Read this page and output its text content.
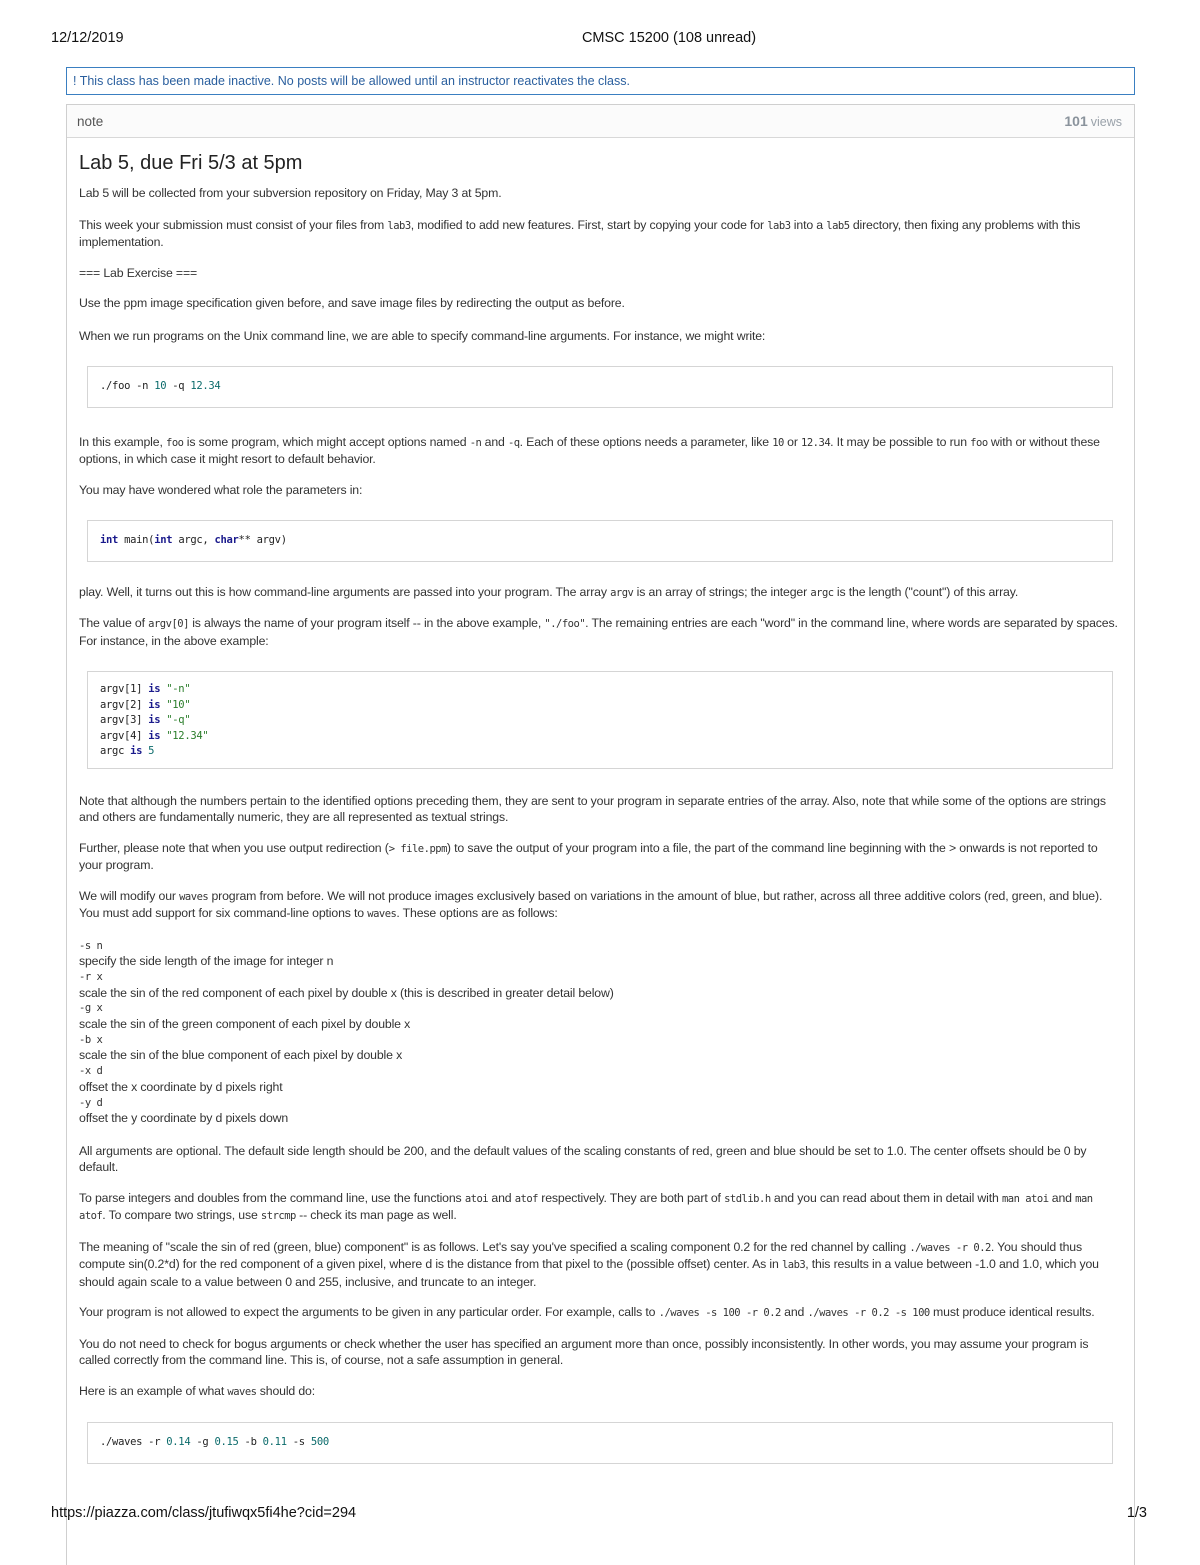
12/12/2019	CMSC 15200 (108 unread)
! This class has been made inactive. No posts will be allowed until an instructor reactivates the class.
note	101 views
Lab 5, due Fri 5/3 at 5pm

Lab 5 will be collected from your subversion repository on Friday, May 3 at 5pm.

This week your submission must consist of your files from lab3, modified to add new features. First, start by copying your code for lab3 into a lab5 directory, then fixing any problems with this implementation.

=== Lab Exercise ===

Use the ppm image specification given before, and save image files by redirecting the output as before.

When we run programs on the Unix command line, we are able to specify command-line arguments. For instance, we might write:

./foo -n 10 -q 12.34

In this example, foo is some program, which might accept options named -n and -q. Each of these options needs a parameter, like 10 or 12.34. It may be possible to run foo with or without these options, in which case it might resort to default behavior.

You may have wondered what role the parameters in:

int main(int argc, char** argv)

play. Well, it turns out this is how command-line arguments are passed into your program. The array argv is an array of strings; the integer argc is the length ("count") of this array.

The value of argv[0] is always the name of your program itself -- in the above example, "./foo". The remaining entries are each "word" in the command line, where words are separated by spaces. For instance, in the above example:

argv[1] is "-n"
argv[2] is "10"
argv[3] is "-q"
argv[4] is "12.34"
argc is 5

Note that although the numbers pertain to the identified options preceding them, they are sent to your program in separate entries of the array. Also, note that while some of the options are strings and others are fundamentally numeric, they are all represented as textual strings.

Further, please note that when you use output redirection (> file.ppm) to save the output of your program into a file, the part of the command line beginning with the > onwards is not reported to your program.

We will modify our waves program from before. We will not produce images exclusively based on variations in the amount of blue, but rather, across all three additive colors (red, green, and blue). You must add support for six command-line options to waves. These options are as follows:

-s n
specify the side length of the image for integer n
-r x
scale the sin of the red component of each pixel by double x (this is described in greater detail below)
-g x
scale the sin of the green component of each pixel by double x
-b x
scale the sin of the blue component of each pixel by double x
-x d
offset the x coordinate by d pixels right
-y d
offset the y coordinate by d pixels down

All arguments are optional. The default side length should be 200, and the default values of the scaling constants of red, green and blue should be set to 1.0. The center offsets should be 0 by default.

To parse integers and doubles from the command line, use the functions atoi and atof respectively. They are both part of stdlib.h and you can read about them in detail with man atoi and man atof. To compare two strings, use strcmp -- check its man page as well.

The meaning of "scale the sin of red (green, blue) component" is as follows. Let's say you've specified a scaling component 0.2 for the red channel by calling ./waves -r 0.2. You should thus compute sin(0.2*d) for the red component of a given pixel, where d is the distance from that pixel to the (possible offset) center. As in lab3, this results in a value between -1.0 and 1.0, which you should again scale to a value between 0 and 255, inclusive, and truncate to an integer.

Your program is not allowed to expect the arguments to be given in any particular order. For example, calls to ./waves -s 100 -r 0.2 and ./waves -r 0.2 -s 100 must produce identical results.

You do not need to check for bogus arguments or check whether the user has specified an argument more than once, possibly inconsistently. In other words, you may assume your program is called correctly from the command line. This is, of course, not a safe assumption in general.

Here is an example of what waves should do:

./waves -r 0.14 -g 0.15 -b 0.11 -s 500
https://piazza.com/class/jtufiwqx5fi4he?cid=294	1/3
